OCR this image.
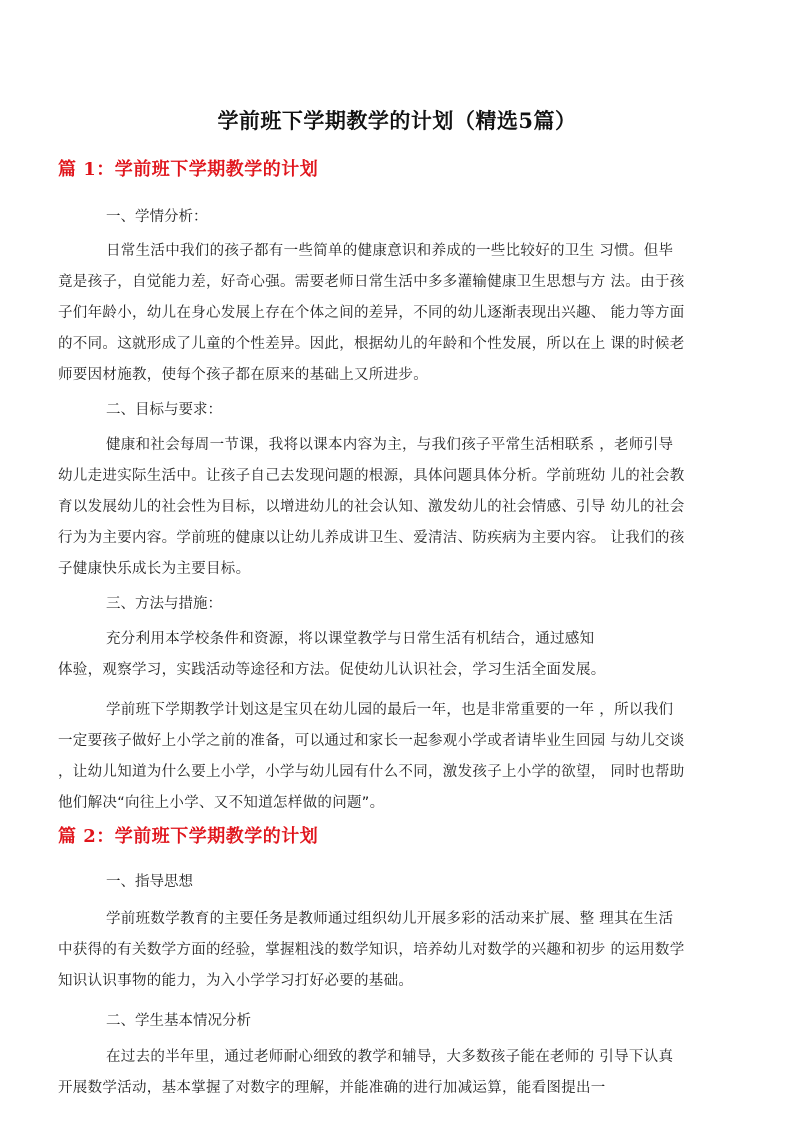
学前班下学期教学的计划（精选5篇）
篇 1：学前班下学期教学的计划
一、学情分析：
日常生活中我们的孩子都有一些简单的健康意识和养成的一些比较好的卫生 习惯。但毕
竟是孩子，自觉能力差，好奇心强。需要老师日常生活中多多灌输健康卫生思想与方 法。由于孩
子们年龄小，幼儿在身心发展上存在个体之间的差异，不同的幼儿逐渐表现出兴趣、 能力等方面
的不同。这就形成了儿童的个性差异。因此，根据幼儿的年龄和个性发展，所以在上 课的时候老
师要因材施教，使每个孩子都在原来的基础上又所进步。
二、目标与要求：
健康和社会每周一节课，我将以课本内容为主，与我们孩子平常生活相联系 ，老师引导
幼儿走进实际生活中。让孩子自己去发现问题的根源，具体问题具体分析。学前班幼 儿的社会教
育以发展幼儿的社会性为目标，以增进幼儿的社会认知、激发幼儿的社会情感、引导 幼儿的社会
行为为主要内容。学前班的健康以让幼儿养成讲卫生、爱清洁、防疾病为主要内容。 让我们的孩
子健康快乐成长为主要目标。
三、方法与措施：
充分利用本学校条件和资源，将以课堂教学与日常生活有机结合，通过感知
体验，观察学习，实践活动等途径和方法。促使幼儿认识社会，学习生活全面发展。
学前班下学期教学计划这是宝贝在幼儿园的最后一年，也是非常重要的一年 ，所以我们
一定要孩子做好上小学之前的准备，可以通过和家长一起参观小学或者请毕业生回园 与幼儿交谈
，让幼儿知道为什么要上小学，小学与幼儿园有什么不同，激发孩子上小学的欲望， 同时也帮助
他们解决“向往上小学、又不知道怎样做的问题”。
篇 2：学前班下学期教学的计划
一、指导思想
学前班数学教育的主要任务是教师通过组织幼儿开展多彩的活动来扩展、整 理其在生活
中获得的有关数学方面的经验，掌握粗浅的数学知识，培养幼儿对数学的兴趣和初步 的运用数学
知识认识事物的能力，为入小学学习打好必要的基础。
二、学生基本情况分析
在过去的半年里，通过老师耐心细致的教学和辅导，大多数孩子能在老师的 引导下认真
开展数学活动，基本掌握了对数字的理解，并能准确的进行加减运算，能看图提出一
